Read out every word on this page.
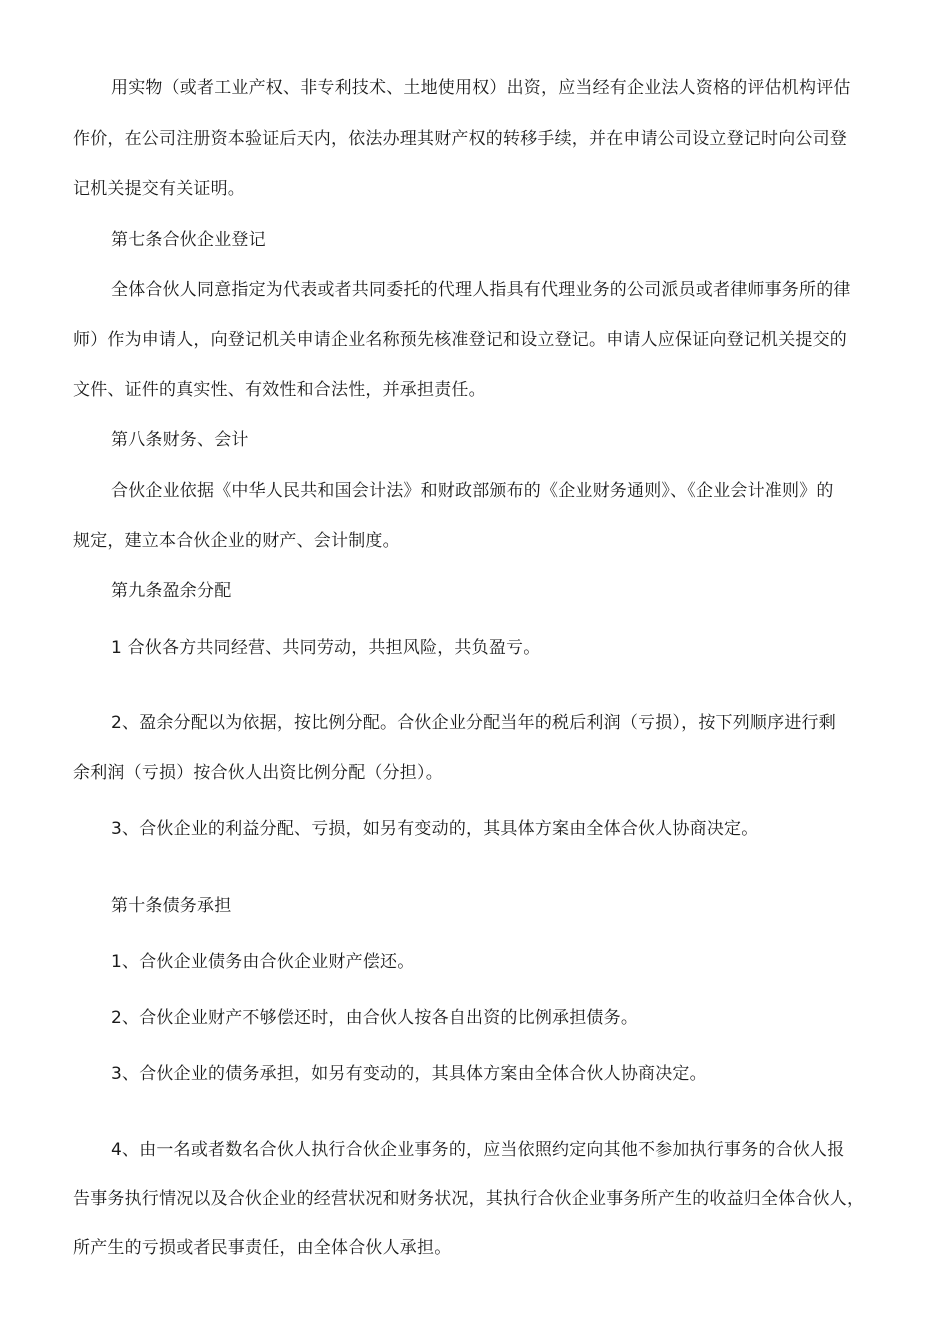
用实物（或者工业产权、非专利技术、土地使用权）出资，应当经有企业法人资格的评估机构评估
作价，在公司注册资本验证后天内，依法办理其财产权的转移手续，并在申请公司设立登记时向公司登
记机关提交有关证明。
第七条合伙企业登记
全体合伙人同意指定为代表或者共同委托的代理人指具有代理业务的公司派员或者律师事务所的律
师）作为申请人，向登记机关申请企业名称预先核准登记和设立登记。申请人应保证向登记机关提交的
文件、证件的真实性、有效性和合法性，并承担责任。
第八条财务、会计
合伙企业依据《中华人民共和国会计法》和财政部颁布的《企业财务通则》、《企业会计准则》的
规定，建立本合伙企业的财产、会计制度。
第九条盈余分配
1 合伙各方共同经营、共同劳动，共担风险，共负盈亏。
2、盈余分配以为依据，按比例分配。合伙企业分配当年的税后利润（亏损），按下列顺序进行剩
余利润（亏损）按合伙人出资比例分配（分担）。
3、合伙企业的利益分配、亏损，如另有变动的，其具体方案由全体合伙人协商决定。
第十条债务承担
1、合伙企业债务由合伙企业财产偿还。
2、合伙企业财产不够偿还时，由合伙人按各自出资的比例承担债务。
3、合伙企业的债务承担，如另有变动的，其具体方案由全体合伙人协商决定。
4、由一名或者数名合伙人执行合伙企业事务的，应当依照约定向其他不参加执行事务的合伙人报
告事务执行情况以及合伙企业的经营状况和财务状况，其执行合伙企业事务所产生的收益归全体合伙人，
所产生的亏损或者民事责任，由全体合伙人承担。
